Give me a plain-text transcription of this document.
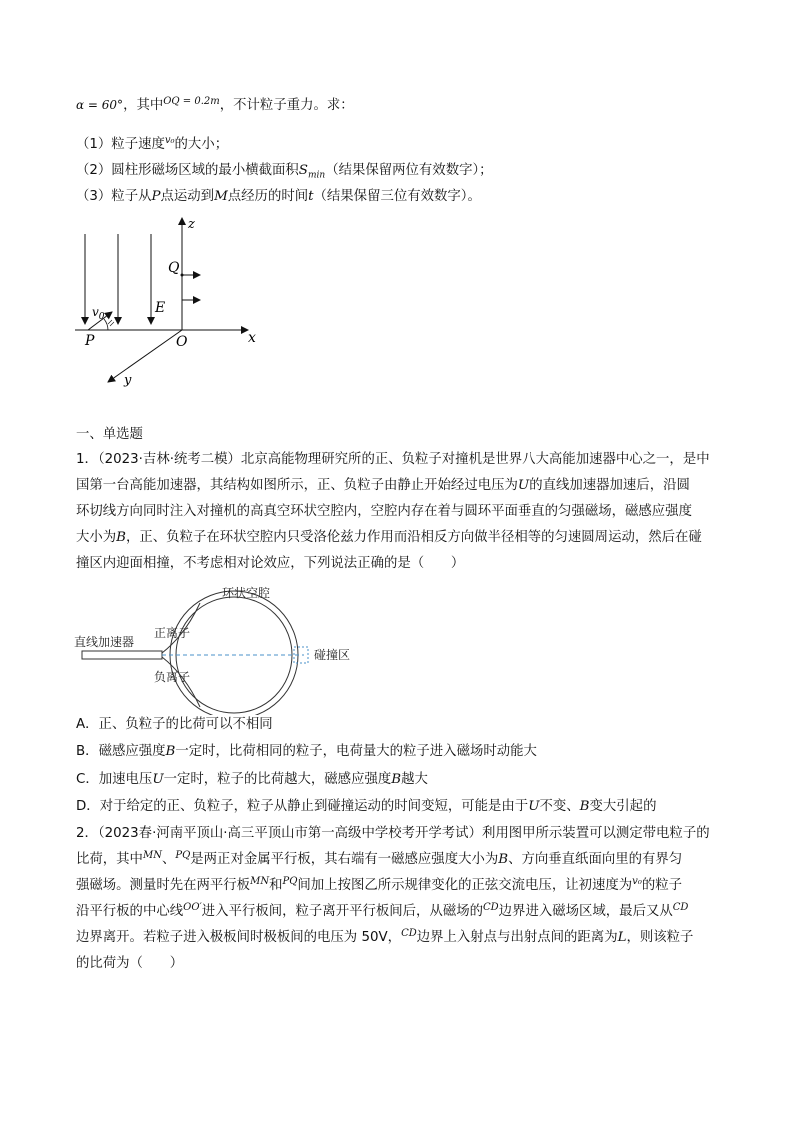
α = 60°，其中$^{OQ = 0.2m}$，不计粒子重力。求：
（1）粒子速度$^{v_0}$的大小；
（2）圆柱形磁场区域的最小横截面积$S_{min}$（结果保留两位有效数字）；
（3）粒子从P点运动到M点经历的时间t（结果保留三位有效数字）。
z
Q
E
$v_0$
P	O	x
y
一、单选题
1．（2023·吉林·统考二模）北京高能物理研究所的正、负粒子对撞机是世界八大高能加速器中心之一，是中
国第一台高能加速器，其结构如图所示，正、负粒子由静止开始经过电压为U的直线加速器加速后，沿圆
环切线方向同时注入对撞机的高真空环状空腔内，空腔内存在着与圆环平面垂直的匀强磁场，磁感应强度
大小为B，正、负粒子在环状空腔内只受洛伦兹力作用而沿相反方向做半径相等的匀速圆周运动，然后在碰
撞区内迎面相撞，不考虑相对论效应，下列说法正确的是（　　）
环状空腔
正离子
负离子
直线加速器
碰撞区
A．正、负粒子的比荷可以不相同
B．磁感应强度B一定时，比荷相同的粒子，电荷量大的粒子进入磁场时动能大
C．加速电压U一定时，粒子的比荷越大，磁感应强度B越大
D．对于给定的正、负粒子，粒子从静止到碰撞运动的时间变短，可能是由于U不变、B变大引起的
2．（2023春·河南平顶山·高三平顶山市第一高级中学校考开学考试）利用图甲所示装置可以测定带电粒子的
比荷，其中$^{MN}$、$^{PQ}$是两正对金属平行板，其右端有一磁感应强度大小为B、方向垂直纸面向里的有界匀
强磁场。测量时先在两平行板$^{MN}$和$^{PQ}$间加上按图乙所示规律变化的正弦交流电压，让初速度为$^{v_0}$的粒子
沿平行板的中心线$^{OO'}$进入平行板间，粒子离开平行板间后，从磁场的$^{CD}$边界进入磁场区域，最后又从$^{CD}$
边界离开。若粒子进入极板间时极板间的电压为 50V，$^{CD}$边界上入射点与出射点间的距离为L，则该粒子
的比荷为（　　）
